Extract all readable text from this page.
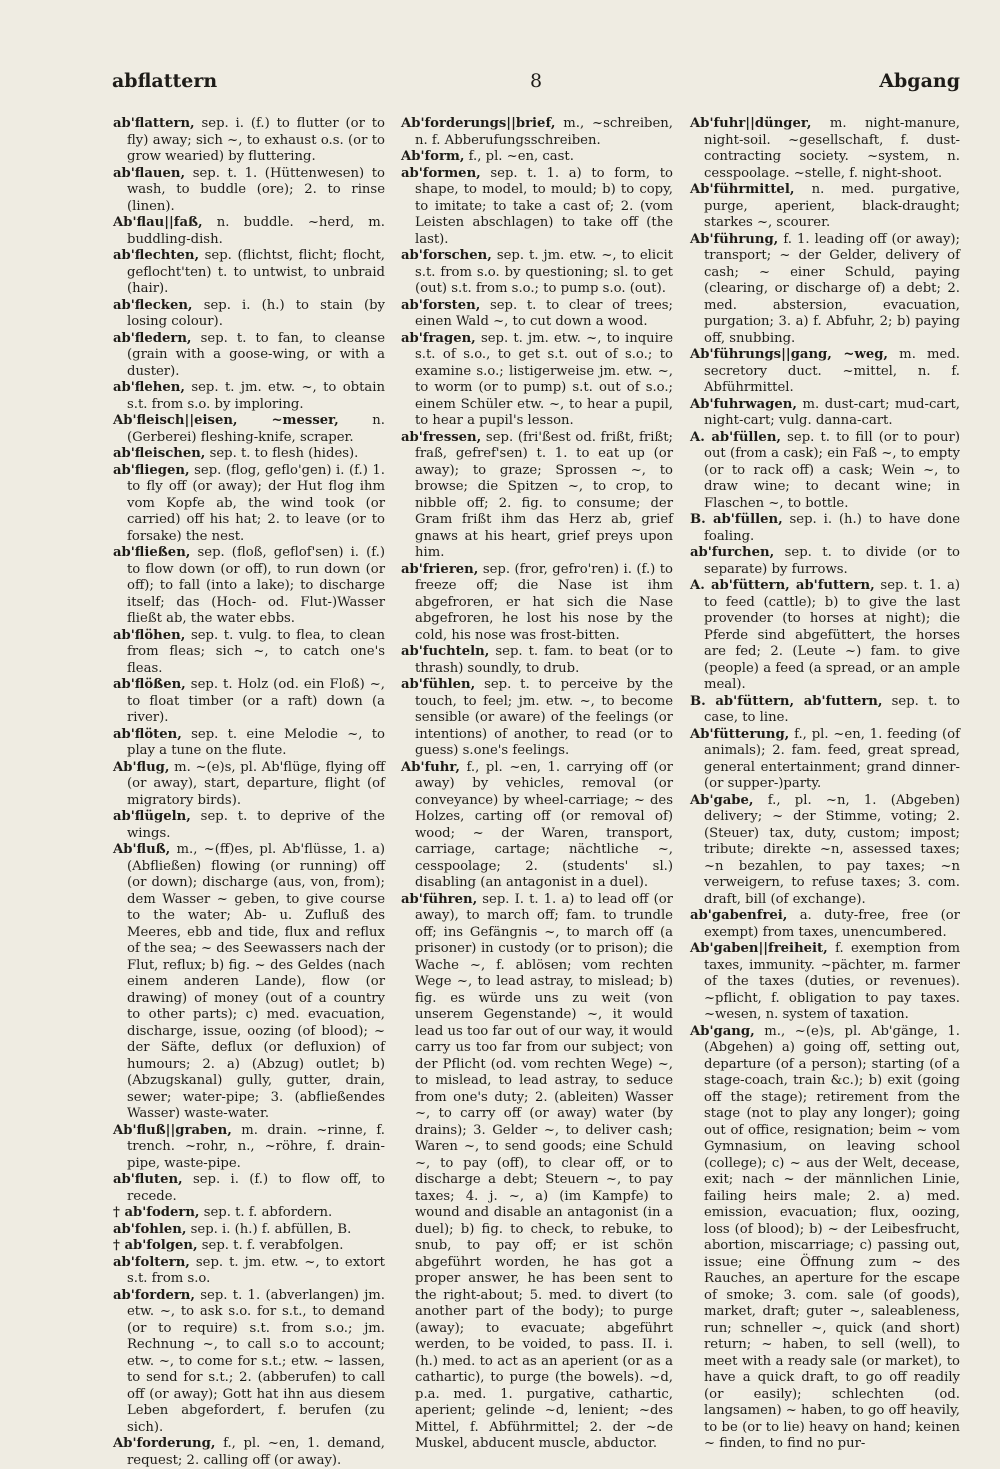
abflattern	8	Abgang

ab'flattern, sep. i. (f.) to flutter (or to fly) away; sich ~, to exhaust o.s. (or to grow wearied) by fluttering.

ab'flauen, sep. t. 1. (Hüttenwesen) to wash, to buddle (ore); 2. to rinse (linen).

Ab'flau||faß, n. buddle. ~herd, m. buddling-dish.

ab'flechten, sep. (flichtst, flicht; flocht, geflocht'ten) t. to untwist, to unbraid (hair).

ab'flecken, sep. i. (h.) to stain (by losing colour).

ab'fledern, sep. t. to fan, to cleanse (grain with a goose-wing, or with a duster).

ab'flehen, sep. t. jm. etw. ~, to obtain s.t. from s.o. by imploring.

Ab'fleisch||eisen, ~messer, n. (Gerberei) fleshing-knife, scraper.

ab'fleischen, sep. t. to flesh (hides).

ab'fliegen, sep. (flog, geflo'gen) i. (f.) 1. to fly off (or away); der Hut flog ihm vom Kopfe ab, the wind took (or carried) off his hat; 2. to leave (or to forsake) the nest.

ab'fließen, sep. (floß, geflof'sen) i. (f.) to flow down (or off), to run down (or off); to fall (into a lake); to discharge itself; das (Hoch- od. Flut-)Wasser fließt ab, the water ebbs.

ab'flöhen, sep. t. vulg. to flea, to clean from fleas; sich ~, to catch one's fleas.

ab'flößen, sep. t. Holz (od. ein Floß) ~, to float timber (or a raft) down (a river).

ab'flöten, sep. t. eine Melodie ~, to play a tune on the flute.

Ab'flug, m. ~(e)s, pl. Ab'flüge, flying off (or away), start, departure, flight (of migratory birds).

ab'flügeln, sep. t. to deprive of the wings.

Ab'fluß, m., ~(ff)es, pl. Ab'flüsse, 1. a) (Abfließen) flowing (or running) off (or down); discharge (aus, von, from); dem Wasser ~ geben, to give course to the water; Ab- u. Zufluß des Meeres, ebb and tide, flux and reflux of the sea; ~ des Seewassers nach der Flut, reflux; b) fig. ~ des Geldes (nach einem anderen Lande), flow (or drawing) of money (out of a country to other parts); c) med. evacuation, discharge, issue, oozing (of blood); ~ der Säfte, deflux (or defluxion) of humours; 2. a) (Abzug) outlet; b) (Abzugskanal) gully, gutter, drain, sewer; water-pipe; 3. (abfließendes Wasser) waste-water.

Ab'fluß||graben, m. drain. ~rinne, f. trench. ~rohr, n., ~röhre, f. drain-pipe, waste-pipe.

ab'fluten, sep. i. (f.) to flow off, to recede.

† ab'fodern, sep. t. f. abfordern.

ab'fohlen, sep. i. (h.) f. abfüllen, B.

† ab'folgen, sep. t. f. verabfolgen.

ab'foltern, sep. t. jm. etw. ~, to extort s.t. from s.o.

ab'fordern, sep. t. 1. (abverlangen) jm. etw. ~, to ask s.o. for s.t., to demand (or to require) s.t. from s.o.; jm. Rechnung ~, to call s.o to account; etw. ~, to come for s.t.; etw. ~ lassen, to send for s.t.; 2. (abberufen) to call off (or away); Gott hat ihn aus diesem Leben abgefordert, f. berufen (zu sich).

Ab'forderung, f., pl. ~en, 1. demand, request; 2. calling off (or away).

Ab'forderungs||brief, m., ~schreiben, n. f. Abberufungsschreiben.

Ab'form, f., pl. ~en, cast.

ab'formen, sep. t. 1. a) to form, to shape, to model, to mould; b) to copy, to imitate; to take a cast of; 2. (vom Leisten abschlagen) to take off (the last).

ab'forschen, sep. t. jm. etw. ~, to elicit s.t. from s.o. by questioning; sl. to get (out) s.t. from s.o.; to pump s.o. (out).

ab'forsten, sep. t. to clear of trees; einen Wald ~, to cut down a wood.

ab'fragen, sep. t. jm. etw. ~, to inquire s.t. of s.o., to get s.t. out of s.o.; to examine s.o.; listigerweise jm. etw. ~, to worm (or to pump) s.t. out of s.o.; einem Schüler etw. ~, to hear a pupil, to hear a pupil's lesson.

ab'fressen, sep. (fri'ßest od. frißt, frißt; fraß, gefref'sen) t. 1. to eat up (or away); to graze; Sprossen ~, to browse; die Spitzen ~, to crop, to nibble off; 2. fig. to consume; der Gram frißt ihm das Herz ab, grief gnaws at his heart, grief preys upon him.

ab'frieren, sep. (fror, gefro'ren) i. (f.) to freeze off; die Nase ist ihm abgefroren, er hat sich die Nase abgefroren, he lost his nose by the cold, his nose was frost-bitten.

ab'fuchteln, sep. t. fam. to beat (or to thrash) soundly, to drub.

ab'fühlen, sep. t. to perceive by the touch, to feel; jm. etw. ~, to become sensible (or aware) of the feelings (or intentions) of another, to read (or to guess) s.one's feelings.

Ab'fuhr, f., pl. ~en, 1. carrying off (or away) by vehicles, removal (or conveyance) by wheel-carriage; ~ des Holzes, carting off (or removal of) wood; ~ der Waren, transport, carriage, cartage; nächtliche ~, cesspoolage; 2. (students' sl.) disabling (an antagonist in a duel).

ab'führen, sep. I. t. 1. a) to lead off (or away), to march off; fam. to trundle off; ins Gefängnis ~, to march off (a prisoner) in custody (or to prison); die Wache ~, f. ablösen; vom rechten Wege ~, to lead astray, to mislead; b) fig. es würde uns zu weit (von unserem Gegenstande) ~, it would lead us too far out of our way, it would carry us too far from our subject; von der Pflicht (od. vom rechten Wege) ~, to mislead, to lead astray, to seduce from one's duty; 2. (ableiten) Wasser ~, to carry off (or away) water (by drains); 3. Gelder ~, to deliver cash; Waren ~, to send goods; eine Schuld ~, to pay (off), to clear off, or to discharge a debt; Steuern ~, to pay taxes; 4. j. ~, a) (im Kampfe) to wound and disable an antagonist (in a duel); b) fig. to check, to rebuke, to snub, to pay off; er ist schön abgeführt worden, he has got a proper answer, he has been sent to the right-about; 5. med. to divert (to another part of the body); to purge (away); to evacuate; abgeführt werden, to be voided, to pass. II. i. (h.) med. to act as an aperient (or as a cathartic), to purge (the bowels). ~d, p.a. med. 1. purgative, cathartic, aperient; gelinde ~d, lenient; ~des Mittel, f. Abführmittel; 2. der ~de Muskel, abducent muscle, abductor.

Ab'fuhr||dünger, m. night-manure, night-soil. ~gesellschaft, f. dust-contracting society. ~system, n. cesspoolage. ~stelle, f. night-shoot.

Ab'führmittel, n. med. purgative, purge, aperient, black-draught; starkes ~, scourer.

Ab'führung, f. 1. leading off (or away); transport; ~ der Gelder, delivery of cash; ~ einer Schuld, paying (clearing, or discharge of) a debt; 2. med. abstersion, evacuation, purgation; 3. a) f. Abfuhr, 2; b) paying off, snubbing.

Ab'führungs||gang, ~weg, m. med. secretory duct. ~mittel, n. f. Abführmittel.

Ab'fuhrwagen, m. dust-cart; mud-cart, night-cart; vulg. danna-cart.

A. ab'füllen, sep. t. to fill (or to pour) out (from a cask); ein Faß ~, to empty (or to rack off) a cask; Wein ~, to draw wine; to decant wine; in Flaschen ~, to bottle.

B. ab'füllen, sep. i. (h.) to have done foaling.

ab'furchen, sep. t. to divide (or to separate) by furrows.

A. ab'füttern, ab'futtern, sep. t. 1. a) to feed (cattle); b) to give the last provender (to horses at night); die Pferde sind abgefüttert, the horses are fed; 2. (Leute ~) fam. to give (people) a feed (a spread, or an ample meal).

B. ab'füttern, ab'futtern, sep. t. to case, to line.

Ab'fütterung, f., pl. ~en, 1. feeding (of animals); 2. fam. feed, great spread, general entertainment; grand dinner-(or supper-)party.

Ab'gabe, f., pl. ~n, 1. (Abgeben) delivery; ~ der Stimme, voting; 2. (Steuer) tax, duty, custom; impost; tribute; direkte ~n, assessed taxes; ~n bezahlen, to pay taxes; ~n verweigern, to refuse taxes; 3. com. draft, bill (of exchange).

ab'gabenfrei, a. duty-free, free (or exempt) from taxes, unencumbered.

Ab'gaben||freiheit, f. exemption from taxes, immunity. ~pächter, m. farmer of the taxes (duties, or revenues). ~pflicht, f. obligation to pay taxes. ~wesen, n. system of taxation.

Ab'gang, m., ~(e)s, pl. Ab'gänge, 1. (Abgehen) a) going off, setting out, departure (of a person); starting (of a stage-coach, train &c.); b) exit (going off the stage); retirement from the stage (not to play any longer); going out of office, resignation; beim ~ vom Gymnasium, on leaving school (college); c) ~ aus der Welt, decease, exit; nach ~ der männlichen Linie, failing heirs male; 2. a) med. emission, evacuation; flux, oozing, loss (of blood); b) ~ der Leibesfrucht, abortion, miscarriage; c) passing out, issue; eine Öffnung zum ~ des Rauches, an aperture for the escape of smoke; 3. com. sale (of goods), market, draft; guter ~, saleableness, run; schneller ~, quick (and short) return; ~ haben, to sell (well), to meet with a ready sale (or market), to have a quick draft, to go off readily (or easily); schlechten (od. langsamen) ~ haben, to go off heavily, to be (or to lie) heavy on hand; keinen ~ finden, to find no pur-
